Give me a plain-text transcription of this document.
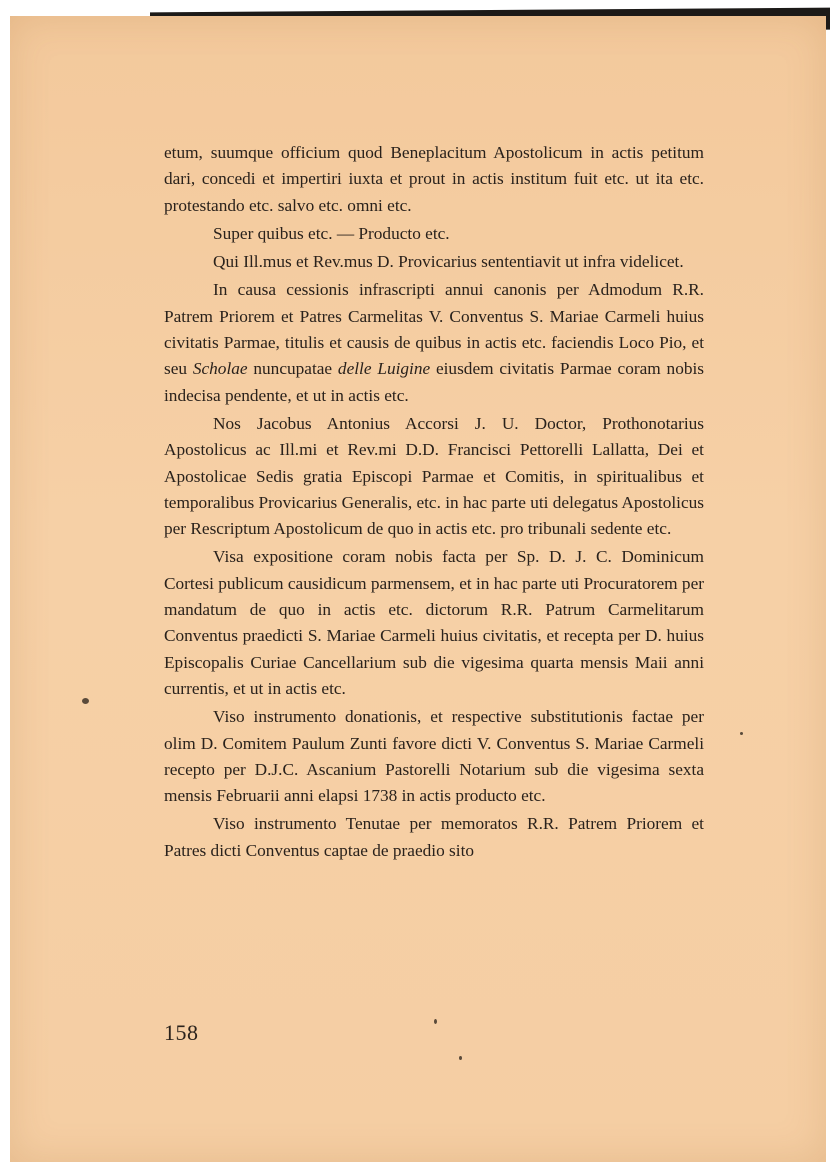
etum, suumque officium quod Beneplacitum Apostolicum in actis petitum dari, concedi et impertiri iuxta et prout in actis institum fuit etc. ut ita etc. protestando etc. salvo etc. omni etc.

Super quibus etc. — Producto etc.

Qui Ill.mus et Rev.mus D. Provicarius sententiavit ut infra videlicet.

In causa cessionis infrascripti annui canonis per Admodum R.R. Patrem Priorem et Patres Carmelitas V. Conventus S. Mariae Carmeli huius civitatis Parmae, titulis et causis de quibus in actis etc. faciendis Loco Pio, et seu Scholae nuncupatae delle Luigine eiusdem civitatis Parmae coram nobis indecisa pendente, et ut in actis etc.

Nos Jacobus Antonius Accorsi J. U. Doctor, Prothonotarius Apostolicus ac Ill.mi et Rev.mi D.D. Francisci Pettorelli Lallatta, Dei et Apostolicae Sedis gratia Episcopi Parmae et Comitis, in spiritualibus et temporalibus Provicarius Generalis, etc. in hac parte uti delegatus Apostolicus per Rescriptum Apostolicum de quo in actis etc. pro tribunali sedente etc.

Visa expositione coram nobis facta per Sp. D. J. C. Dominicum Cortesi publicum causidicum parmensem, et in hac parte uti Procuratorem per mandatum de quo in actis etc. dictorum R.R. Patrum Carmelitarum Conventus praedicti S. Mariae Carmeli huius civitatis, et recepta per D. huius Episcopalis Curiae Cancellarium sub die vigesima quarta mensis Maii anni currentis, et ut in actis etc.

Viso instrumento donationis, et respective substitutionis factae per olim D. Comitem Paulum Zunti favore dicti V. Conventus S. Mariae Carmeli recepto per D.J.C. Ascanium Pastorelli Notarium sub die vigesima sexta mensis Februarii anni elapsi 1738 in actis producto etc.

Viso instrumento Tenutae per memoratos R.R. Patrem Priorem et Patres dicti Conventus captae de praedio sito

158
